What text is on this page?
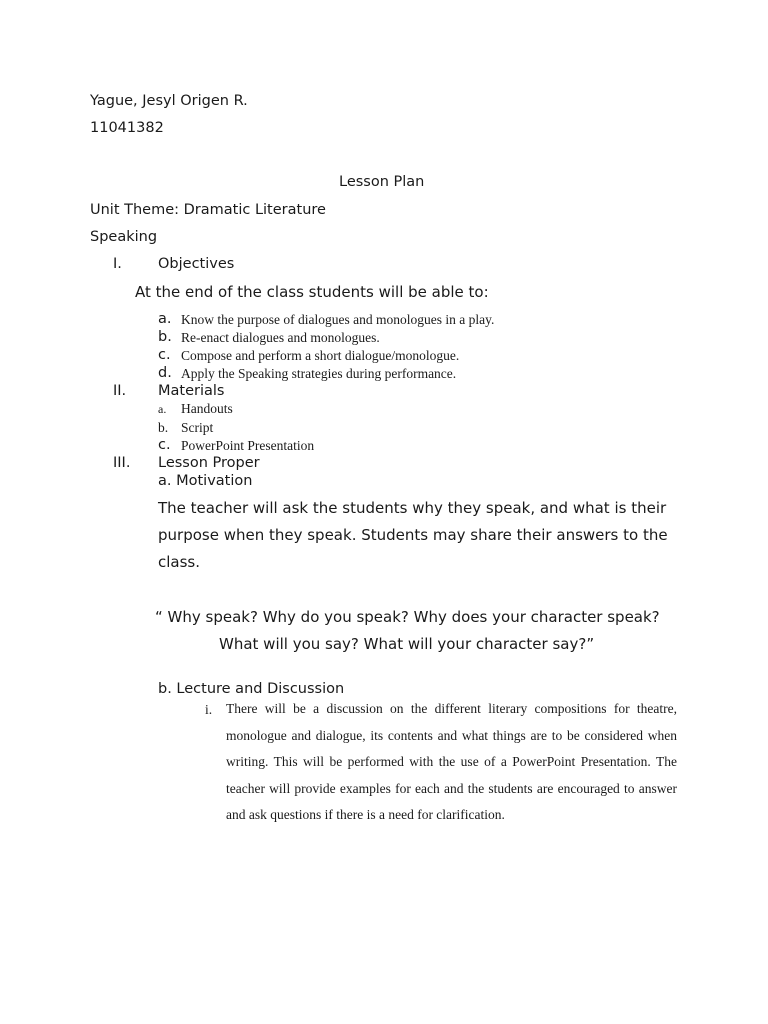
Yague, Jesyl Origen R.
11041382
Lesson Plan
Unit Theme: Dramatic Literature
Speaking
I. Objectives
At the end of the class students will be able to:
a. Know the purpose of dialogues and monologues in a play.
b. Re-enact dialogues and monologues.
c. Compose and perform a short dialogue/monologue.
d. Apply the Speaking strategies during performance.
II. Materials
a. Handouts
b. Script
c. PowerPoint Presentation
III. Lesson Proper
a. Motivation
The teacher will ask the students why they speak, and what is their purpose when they speak. Students may share their answers to the class.
“ Why speak? Why do you speak? Why does your character speak?
What will you say? What will your character say?”
b. Lecture and Discussion
i. There will be a discussion on the different literary compositions for theatre, monologue and dialogue, its contents and what things are to be considered when writing. This will be performed with the use of a PowerPoint Presentation. The teacher will provide examples for each and the students are encouraged to answer and ask questions if there is a need for clarification.
